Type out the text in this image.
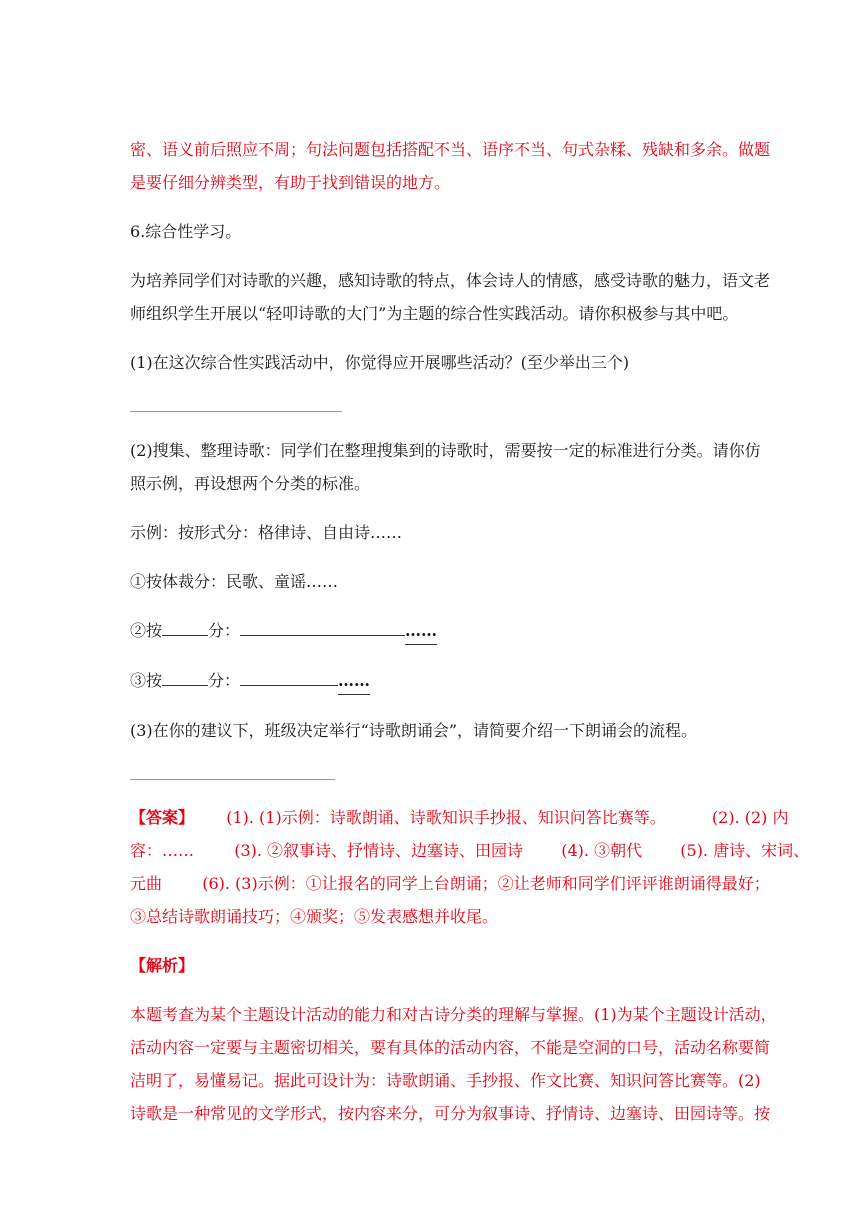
密、语义前后照应不周；句法问题包括搭配不当、语序不当、句式杂糅、残缺和多余。做题
是要仔细分辨类型，有助于找到错误的地方。
6.综合性学习。
为培养同学们对诗歌的兴趣，感知诗歌的特点，体会诗人的情感，感受诗歌的魅力，语文老
师组织学生开展以“轻叩诗歌的大门”为主题的综合性实践活动。请你积极参与其中吧。
(1)在这次综合性实践活动中，你觉得应开展哪些活动？(至少举出三个)
(2)搜集、整理诗歌：同学们在整理搜集到的诗歌时，需要按一定的标准进行分类。请你仿
照示例，再设想两个分类的标准。
示例：按形式分：格律诗、自由诗……
①按体裁分：民歌、童谣……
②按	分：	……
③按	分：	……
(3)在你的建议下，班级决定举行“诗歌朗诵会”，请简要介绍一下朗诵会的流程。
【答案】 (1). (1)示例：诗歌朗诵、诗歌知识手抄报、知识问答比赛等。	(2). (2) 内
容：……	(3). ②叙事诗、抒情诗、边塞诗、田园诗 (4). ③朝代 (5). 唐诗、宋词、
元曲	(6). (3)示例：①让报名的同学上台朗诵；②让老师和同学们评评谁朗诵得最好；
③总结诗歌朗诵技巧；④颁奖；⑤发表感想并收尾。
【解析】
本题考查为某个主题设计活动的能力和对古诗分类的理解与掌握。(1)为某个主题设计活动，
活动内容一定要与主题密切相关，要有具体的活动内容，不能是空洞的口号，活动名称要简
洁明了，易懂易记。据此可设计为：诗歌朗诵、手抄报、作文比赛、知识问答比赛等。(2)
诗歌是一种常见的文学形式，按内容来分，可分为叙事诗、抒情诗、边塞诗、田园诗等。按
